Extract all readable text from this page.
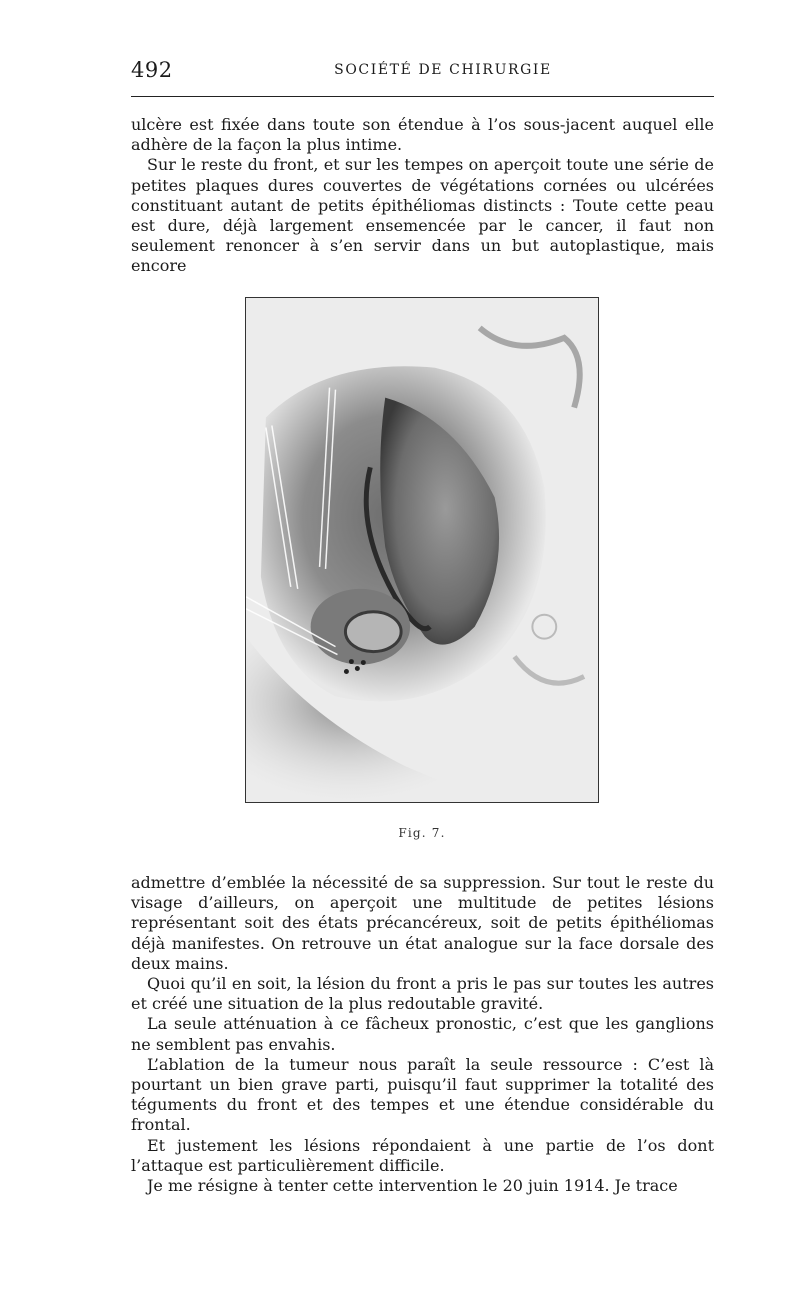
492	SOCIÉTÉ DE CHIRURGIE

ulcère est fixée dans toute son étendue à l’os sous-jacent auquel elle adhère de la façon la plus intime.

Sur le reste du front, et sur les tempes on aperçoit toute une série de petites plaques dures couvertes de végétations cornées ou ulcérées constituant autant de petits épithéliomas distincts : Toute cette peau est dure, déjà largement ensemencée par le cancer, il faut non seulement renoncer à s’en servir dans un but autoplastique, mais encore

Fig. 7.

admettre d’emblée la nécessité de sa suppression. Sur tout le reste du visage d’ailleurs, on aperçoit une multitude de petites lésions représentant soit des états précancéreux, soit de petits épithéliomas déjà manifestes. On retrouve un état analogue sur la face dorsale des deux mains.

Quoi qu’il en soit, la lésion du front a pris le pas sur toutes les autres et créé une situation de la plus redoutable gravité.

La seule atténuation à ce fâcheux pronostic, c’est que les ganglions ne semblent pas envahis.

L’ablation de la tumeur nous paraît la seule ressource : C’est là pourtant un bien grave parti, puisqu’il faut supprimer la totalité des téguments du front et des tempes et une étendue considérable du frontal.

Et justement les lésions répondaient à une partie de l’os dont l’attaque est particulièrement difficile.

Je me résigne à tenter cette intervention le 20 juin 1914. Je trace
